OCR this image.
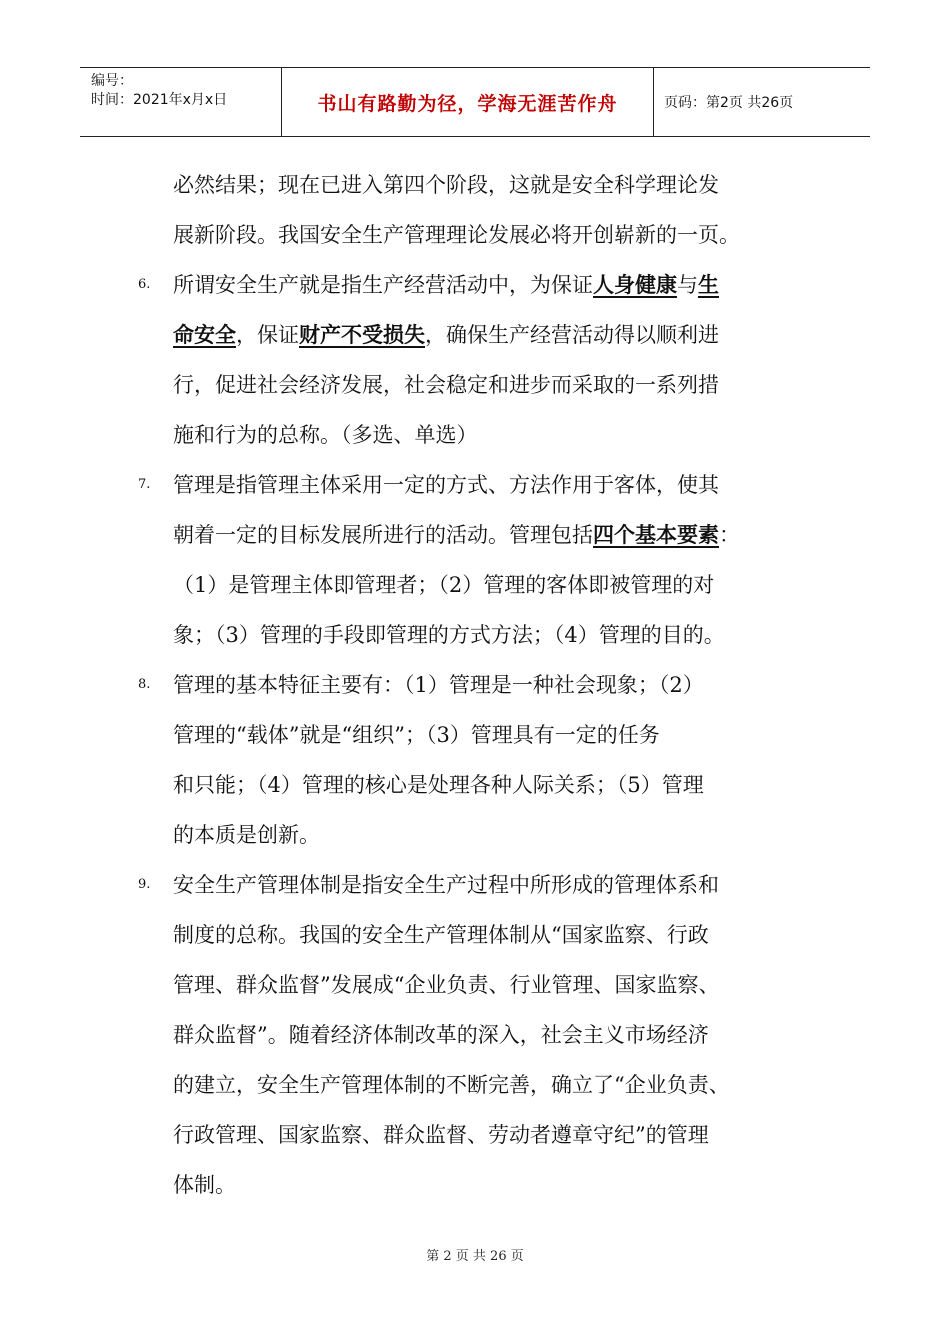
编号：
时间：2021年x月x日	书山有路勤为径，学海无涯苦作舟	页码：第2页 共26页
必然结果；现在已进入第四个阶段，这就是安全科学理论发
展新阶段。我国安全生产管理理论发展必将开创崭新的一页。
6.	所谓安全生产就是指生产经营活动中，为保证人身健康与生
命安全，保证财产不受损失，确保生产经营活动得以顺利进
行，促进社会经济发展，社会稳定和进步而采取的一系列措
施和行为的总称。（多选、单选）
7.	管理是指管理主体采用一定的方式、方法作用于客体，使其
朝着一定的目标发展所进行的活动。管理包括四个基本要素：
（1）是管理主体即管理者；（2）管理的客体即被管理的对
象；（3）管理的手段即管理的方式方法；（4）管理的目的。
8.	管理的基本特征主要有：（1）管理是一种社会现象；（2）
管理的“载体”就是“组织”；（3）管理具有一定的任务
和只能；（4）管理的核心是处理各种人际关系；（5）管理
的本质是创新。
9.	安全生产管理体制是指安全生产过程中所形成的管理体系和
制度的总称。我国的安全生产管理体制从“国家监察、行政
管理、群众监督”发展成“企业负责、行业管理、国家监察、
群众监督”。随着经济体制改革的深入，社会主义市场经济
的建立，安全生产管理体制的不断完善，确立了“企业负责、
行政管理、国家监察、群众监督、劳动者遵章守纪”的管理
体制。
第 2 页 共 26 页
